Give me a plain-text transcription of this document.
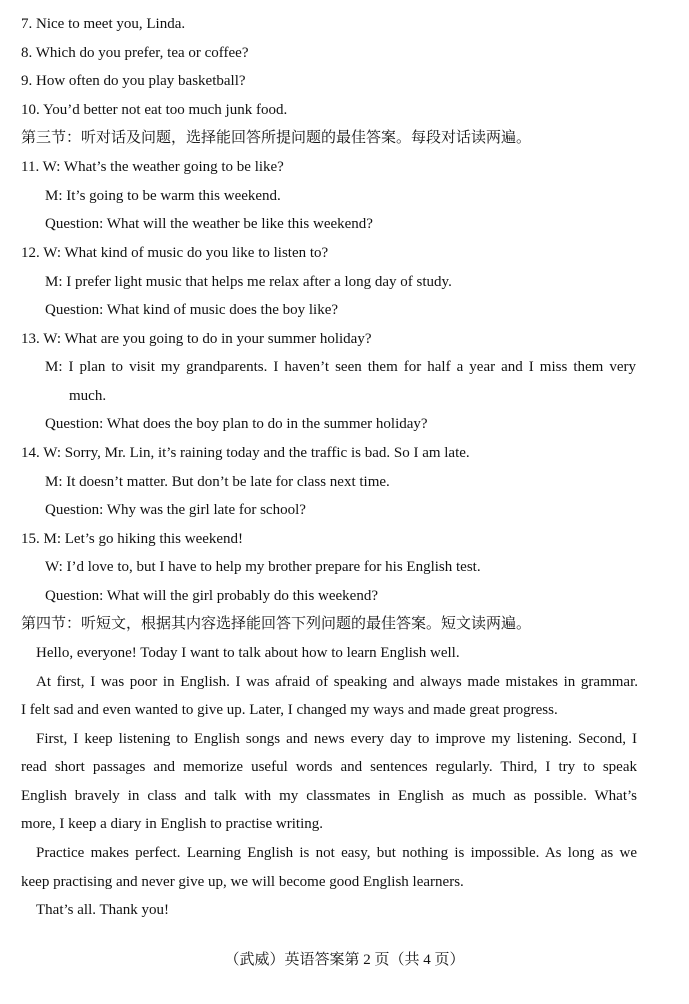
7. Nice to meet you, Linda.
8. Which do you prefer, tea or coffee?
9. How often do you play basketball?
10. You’d better not eat too much junk food.
第三节：听对话及问题，选择能回答所提问题的最佳答案。每段对话读两遍。
11. W: What’s the weather going to be like?
M: It’s going to be warm this weekend.
Question: What will the weather be like this weekend?
12. W: What kind of music do you like to listen to?
M: I prefer light music that helps me relax after a long day of study.
Question: What kind of music does the boy like?
13. W: What are you going to do in your summer holiday?
M: I plan to visit my grandparents. I haven’t seen them for half a year and I miss them very
much.
Question: What does the boy plan to do in the summer holiday?
14. W: Sorry, Mr. Lin, it’s raining today and the traffic is bad. So I am late.
M: It doesn’t matter. But don’t be late for class next time.
Question: Why was the girl late for school?
15. M: Let’s go hiking this weekend!
W: I’d love to, but I have to help my brother prepare for his English test.
Question: What will the girl probably do this weekend?
第四节：听短文，根据其内容选择能回答下列问题的最佳答案。短文读两遍。
Hello, everyone! Today I want to talk about how to learn English well.
At first, I was poor in English. I was afraid of speaking and always made mistakes in grammar.
I felt sad and even wanted to give up. Later, I changed my ways and made great progress.
First, I keep listening to English songs and news every day to improve my listening. Second, I
read short passages and memorize useful words and sentences regularly. Third, I try to speak
English bravely in class and talk with my classmates in English as much as possible. What’s
more, I keep a diary in English to practise writing.
Practice makes perfect. Learning English is not easy, but nothing is impossible. As long as we
keep practising and never give up, we will become good English learners.
That’s all. Thank you!
（武威）英语答案第 2 页（共 4 页）
